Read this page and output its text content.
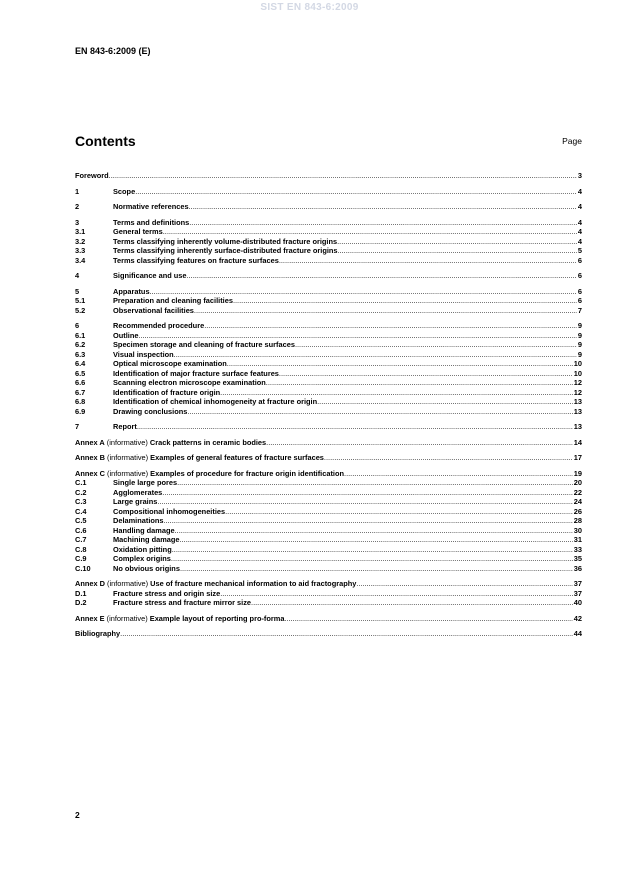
SIST EN 843-6:2009
EN 843-6:2009 (E)
Contents	Page
Foreword .....	3
1	Scope .....	4
2	Normative references .....	4
3	Terms and definitions .....	4
3.1	General terms .....	4
3.2	Terms classifying inherently volume-distributed fracture origins .....	4
3.3	Terms classifying inherently surface-distributed fracture origins .....	5
3.4	Terms classifying features on fracture surfaces .....	6
4	Significance and use .....	6
5	Apparatus .....	6
5.1	Preparation and cleaning facilities .....	6
5.2	Observational facilities .....	7
6	Recommended procedure .....	9
6.1	Outline .....	9
6.2	Specimen storage and cleaning of fracture surfaces .....	9
6.3	Visual inspection .....	9
6.4	Optical microscope examination .....	10
6.5	Identification of major fracture surface features .....	10
6.6	Scanning electron microscope examination .....	12
6.7	Identification of fracture origin .....	12
6.8	Identification of chemical inhomogeneity at fracture origin .....	13
6.9	Drawing conclusions .....	13
7	Report .....	13
Annex A (informative) Crack patterns in ceramic bodies .....	14
Annex B (informative) Examples of general features of fracture surfaces .....	17
Annex C (informative) Examples of procedure for fracture origin identification .....	19
C.1	Single large pores .....	20
C.2	Agglomerates .....	22
C.3	Large grains .....	24
C.4	Compositional inhomogeneities .....	26
C.5	Delaminations .....	28
C.6	Handling damage .....	30
C.7	Machining damage .....	31
C.8	Oxidation pitting .....	33
C.9	Complex origins .....	35
C.10	No obvious origins .....	36
Annex D (informative) Use of fracture mechanical information to aid fractography .....	37
D.1	Fracture stress and origin size .....	37
D.2	Fracture stress and fracture mirror size .....	40
Annex E (informative) Example layout of reporting pro-forma .....	42
Bibliography .....	44
2
